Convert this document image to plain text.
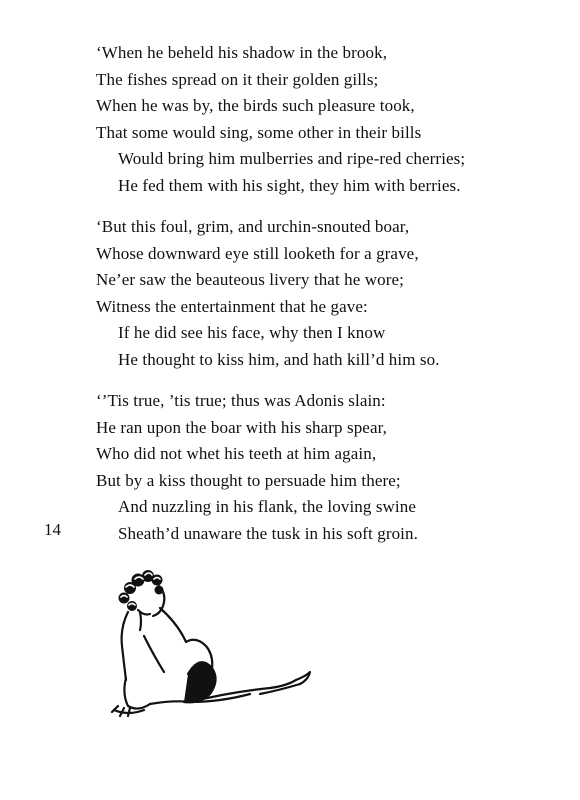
‘When he beheld his shadow in the brook,
The fishes spread on it their golden gills;
When he was by, the birds such pleasure took,
That some would sing, some other in their bills
Would bring him mulberries and ripe-red cherries;
He fed them with his sight, they him with berries.
‘But this foul, grim, and urchin-snouted boar,
Whose downward eye still looketh for a grave,
Ne’er saw the beauteous livery that he wore;
Witness the entertainment that he gave:
If he did see his face, why then I know
He thought to kiss him, and hath kill’d him so.
‘’Tis true, ’tis true; thus was Adonis slain:
He ran upon the boar with his sharp spear,
Who did not whet his teeth at him again,
But by a kiss thought to persuade him there;
And nuzzling in his flank, the loving swine
Sheath’d unaware the tusk in his soft groin.
14
